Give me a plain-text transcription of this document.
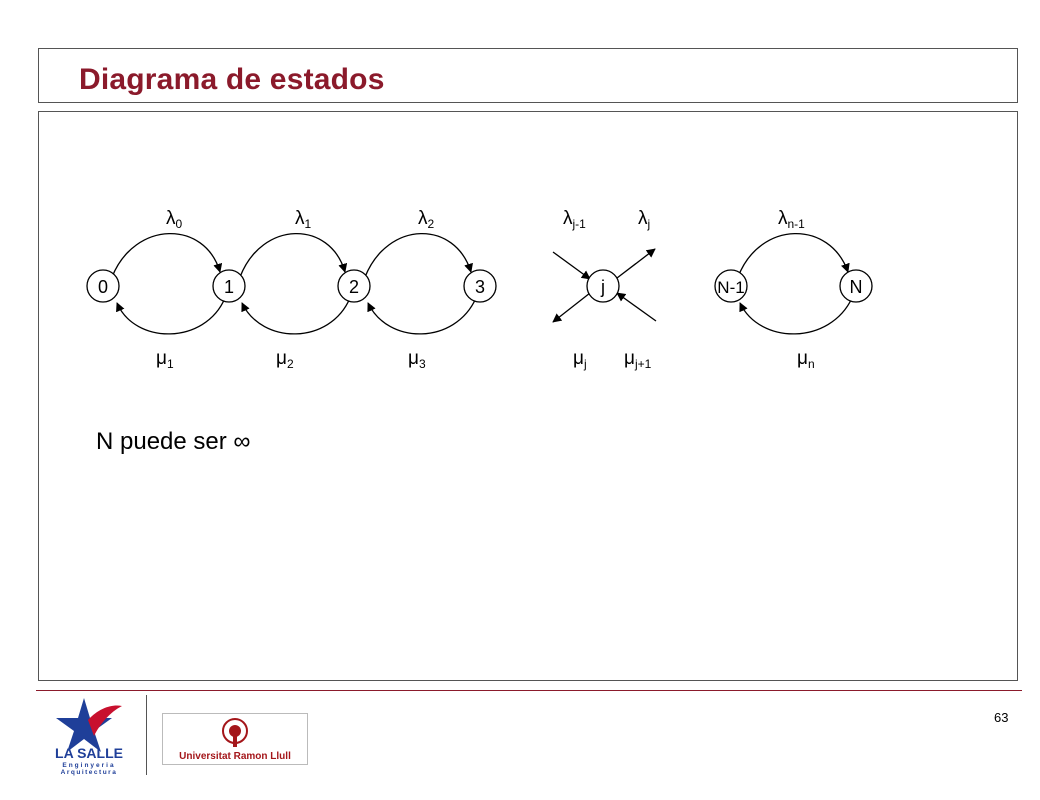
Diagrama de estados
0	1	2	3	j	N-1	N
$\lambda_0$	$\lambda_1$	$\lambda_2$	$\lambda_{j-1}$	$\lambda_j$	$\lambda_{n-1}$
$\mu_1$	$\mu_2$	$\mu_3$	$\mu_j$ $\mu_{j+1}$	$\mu_n$
N puede ser ∞
LA SALLE
Enginyeria
Arquitectura
Universitat Ramon Llull
63
